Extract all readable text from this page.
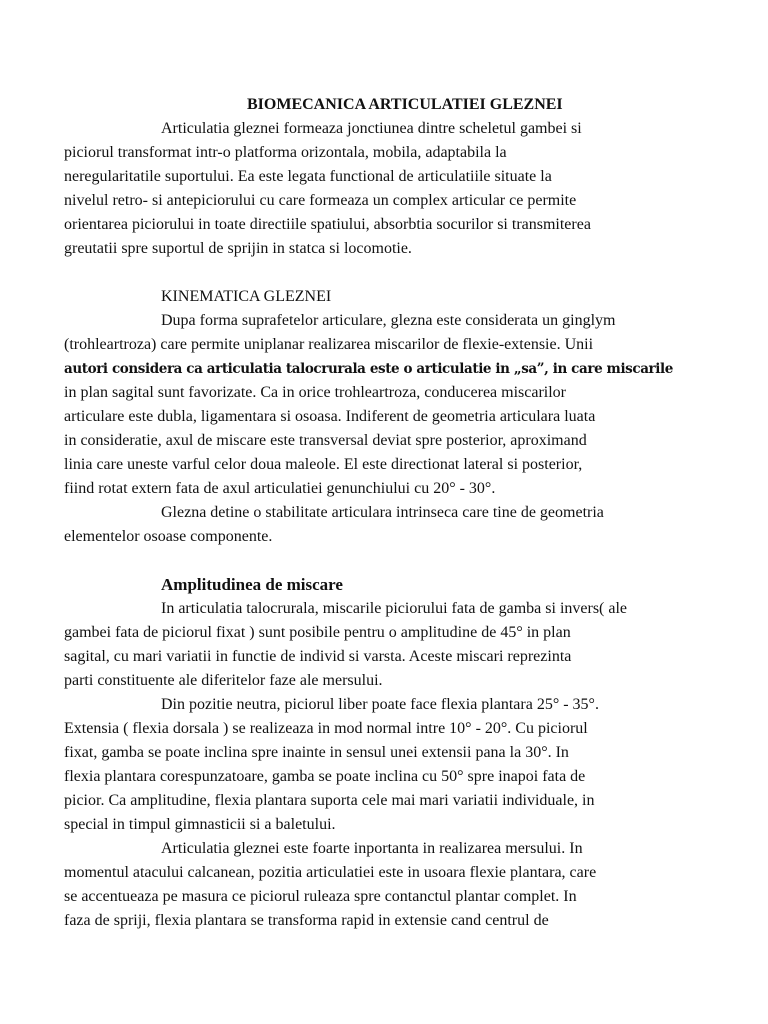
BIOMECANICA ARTICULATIEI GLEZNEI
Articulatia gleznei formeaza jonctiunea dintre scheletul gambei si
piciorul transformat intr-o platforma orizontala, mobila, adaptabila la
neregularitatile suportului. Ea este legata functional de articulatiile situate la
nivelul retro- si antepiciorului cu care formeaza un complex articular ce permite
orientarea piciorului in toate directiile spatiului, absorbtia socurilor si transmiterea
greutatii spre suportul de sprijin in statca si locomotie.
KINEMATICA GLEZNEI
Dupa forma suprafetelor articulare, glezna este considerata un ginglym
(trohleartroza) care permite uniplanar realizarea miscarilor de flexie-extensie. Unii
autori considera ca articulatia talocrurala este o articulatie in „sa”, in care miscarile
in plan sagital sunt favorizate. Ca in orice trohleartroza, conducerea miscarilor
articulare este dubla, ligamentara si osoasa. Indiferent de geometria articulara luata
in consideratie, axul de miscare este transversal deviat spre posterior, aproximand
linia care uneste varful celor doua maleole. El este directionat lateral si posterior,
fiind rotat extern fata de axul articulatiei genunchiului cu 20° - 30°.
Glezna detine o stabilitate articulara intrinseca care tine de geometria
elementelor osoase componente.
Amplitudinea de miscare
In articulatia talocrurala, miscarile piciorului fata de gamba si invers( ale
gambei fata de piciorul fixat ) sunt posibile pentru o amplitudine de 45° in plan
sagital, cu mari variatii in functie de individ si varsta. Aceste miscari reprezinta
parti constituente ale diferitelor faze ale mersului.
Din pozitie neutra, piciorul liber poate face flexia plantara 25° - 35°.
Extensia ( flexia dorsala ) se realizeaza in mod normal intre 10° - 20°. Cu piciorul
fixat, gamba se poate inclina spre inainte in sensul unei extensii pana la 30°. In
flexia plantara corespunzatoare, gamba se poate inclina cu 50° spre inapoi fata de
picior. Ca amplitudine, flexia plantara suporta cele mai mari variatii individuale, in
special in timpul gimnasticii si a baletului.
Articulatia gleznei este foarte inportanta in realizarea mersului. In
momentul atacului calcanean, pozitia articulatiei este in usoara flexie plantara, care
se accentueaza pe masura ce piciorul ruleaza spre contanctul plantar complet. In
faza de spriji, flexia plantara se transforma rapid in extensie cand centrul de
